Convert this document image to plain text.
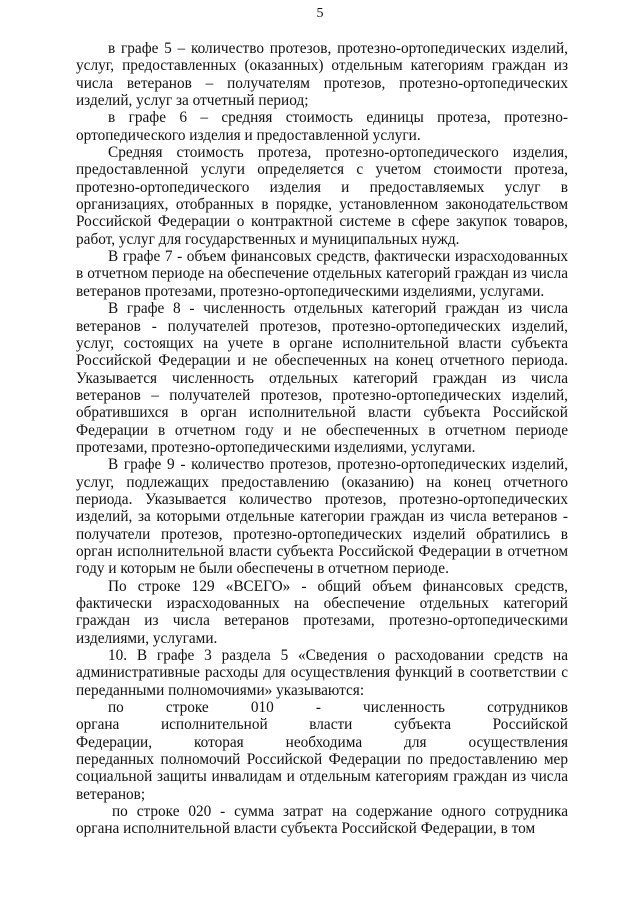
5

в графе 5 – количество протезов, протезно-ортопедических изделий, услуг, предоставленных (оказанных) отдельным категориям граждан из числа ветеранов – получателям протезов, протезно-ортопедических изделий, услуг за отчетный период;

в графе 6 – средняя стоимость единицы протеза, протезно-ортопедического изделия и предоставленной услуги.

Средняя стоимость протеза, протезно-ортопедического изделия, предоставленной услуги определяется с учетом стоимости протеза, протезно-ортопедического изделия и предоставляемых услуг в организациях, отобранных в порядке, установленном законодательством Российской Федерации о контрактной системе в сфере закупок товаров, работ, услуг для государственных и муниципальных нужд.

В графе 7 - объем финансовых средств, фактически израсходованных в отчетном периоде на обеспечение отдельных категорий граждан из числа ветеранов протезами, протезно-ортопедическими изделиями, услугами.

В графе 8 - численность отдельных категорий граждан из числа ветеранов - получателей протезов, протезно-ортопедических изделий, услуг, состоящих на учете в органе исполнительной власти субъекта Российской Федерации и не обеспеченных на конец отчетного периода. Указывается численность отдельных категорий граждан из числа ветеранов – получателей протезов, протезно-ортопедических изделий, обратившихся в орган исполнительной власти субъекта Российской Федерации в отчетном году и не обеспеченных в отчетном периоде протезами, протезно-ортопедическими изделиями, услугами.

В графе 9 - количество протезов, протезно-ортопедических изделий, услуг, подлежащих предоставлению (оказанию) на конец отчетного периода. Указывается количество протезов, протезно-ортопедических изделий, за которыми отдельные категории граждан из числа ветеранов - получатели протезов, протезно-ортопедических изделий обратились в орган исполнительной власти субъекта Российской Федерации в отчетном году и которым не были обеспечены в отчетном периоде.

По строке 129 «ВСЕГО» - общий объем финансовых средств, фактически израсходованных на обеспечение отдельных категорий граждан из числа ветеранов протезами, протезно-ортопедическими изделиями, услугами.

10. В графе 3 раздела 5 «Сведения о расходовании средств на административные расходы для осуществления функций в соответствии с переданными полномочиями» указываются:

по	строке	010	-	численность	сотрудников
органа	исполнительной	власти	субъекта	Российской
Федерации,	которая	необходима	для	осуществления

переданных полномочий Российской Федерации по предоставлению мер социальной защиты инвалидам и отдельным категориям граждан из числа ветеранов;

по строке 020 - сумма затрат на содержание одного сотрудника органа исполнительной власти субъекта Российской Федерации, в том
